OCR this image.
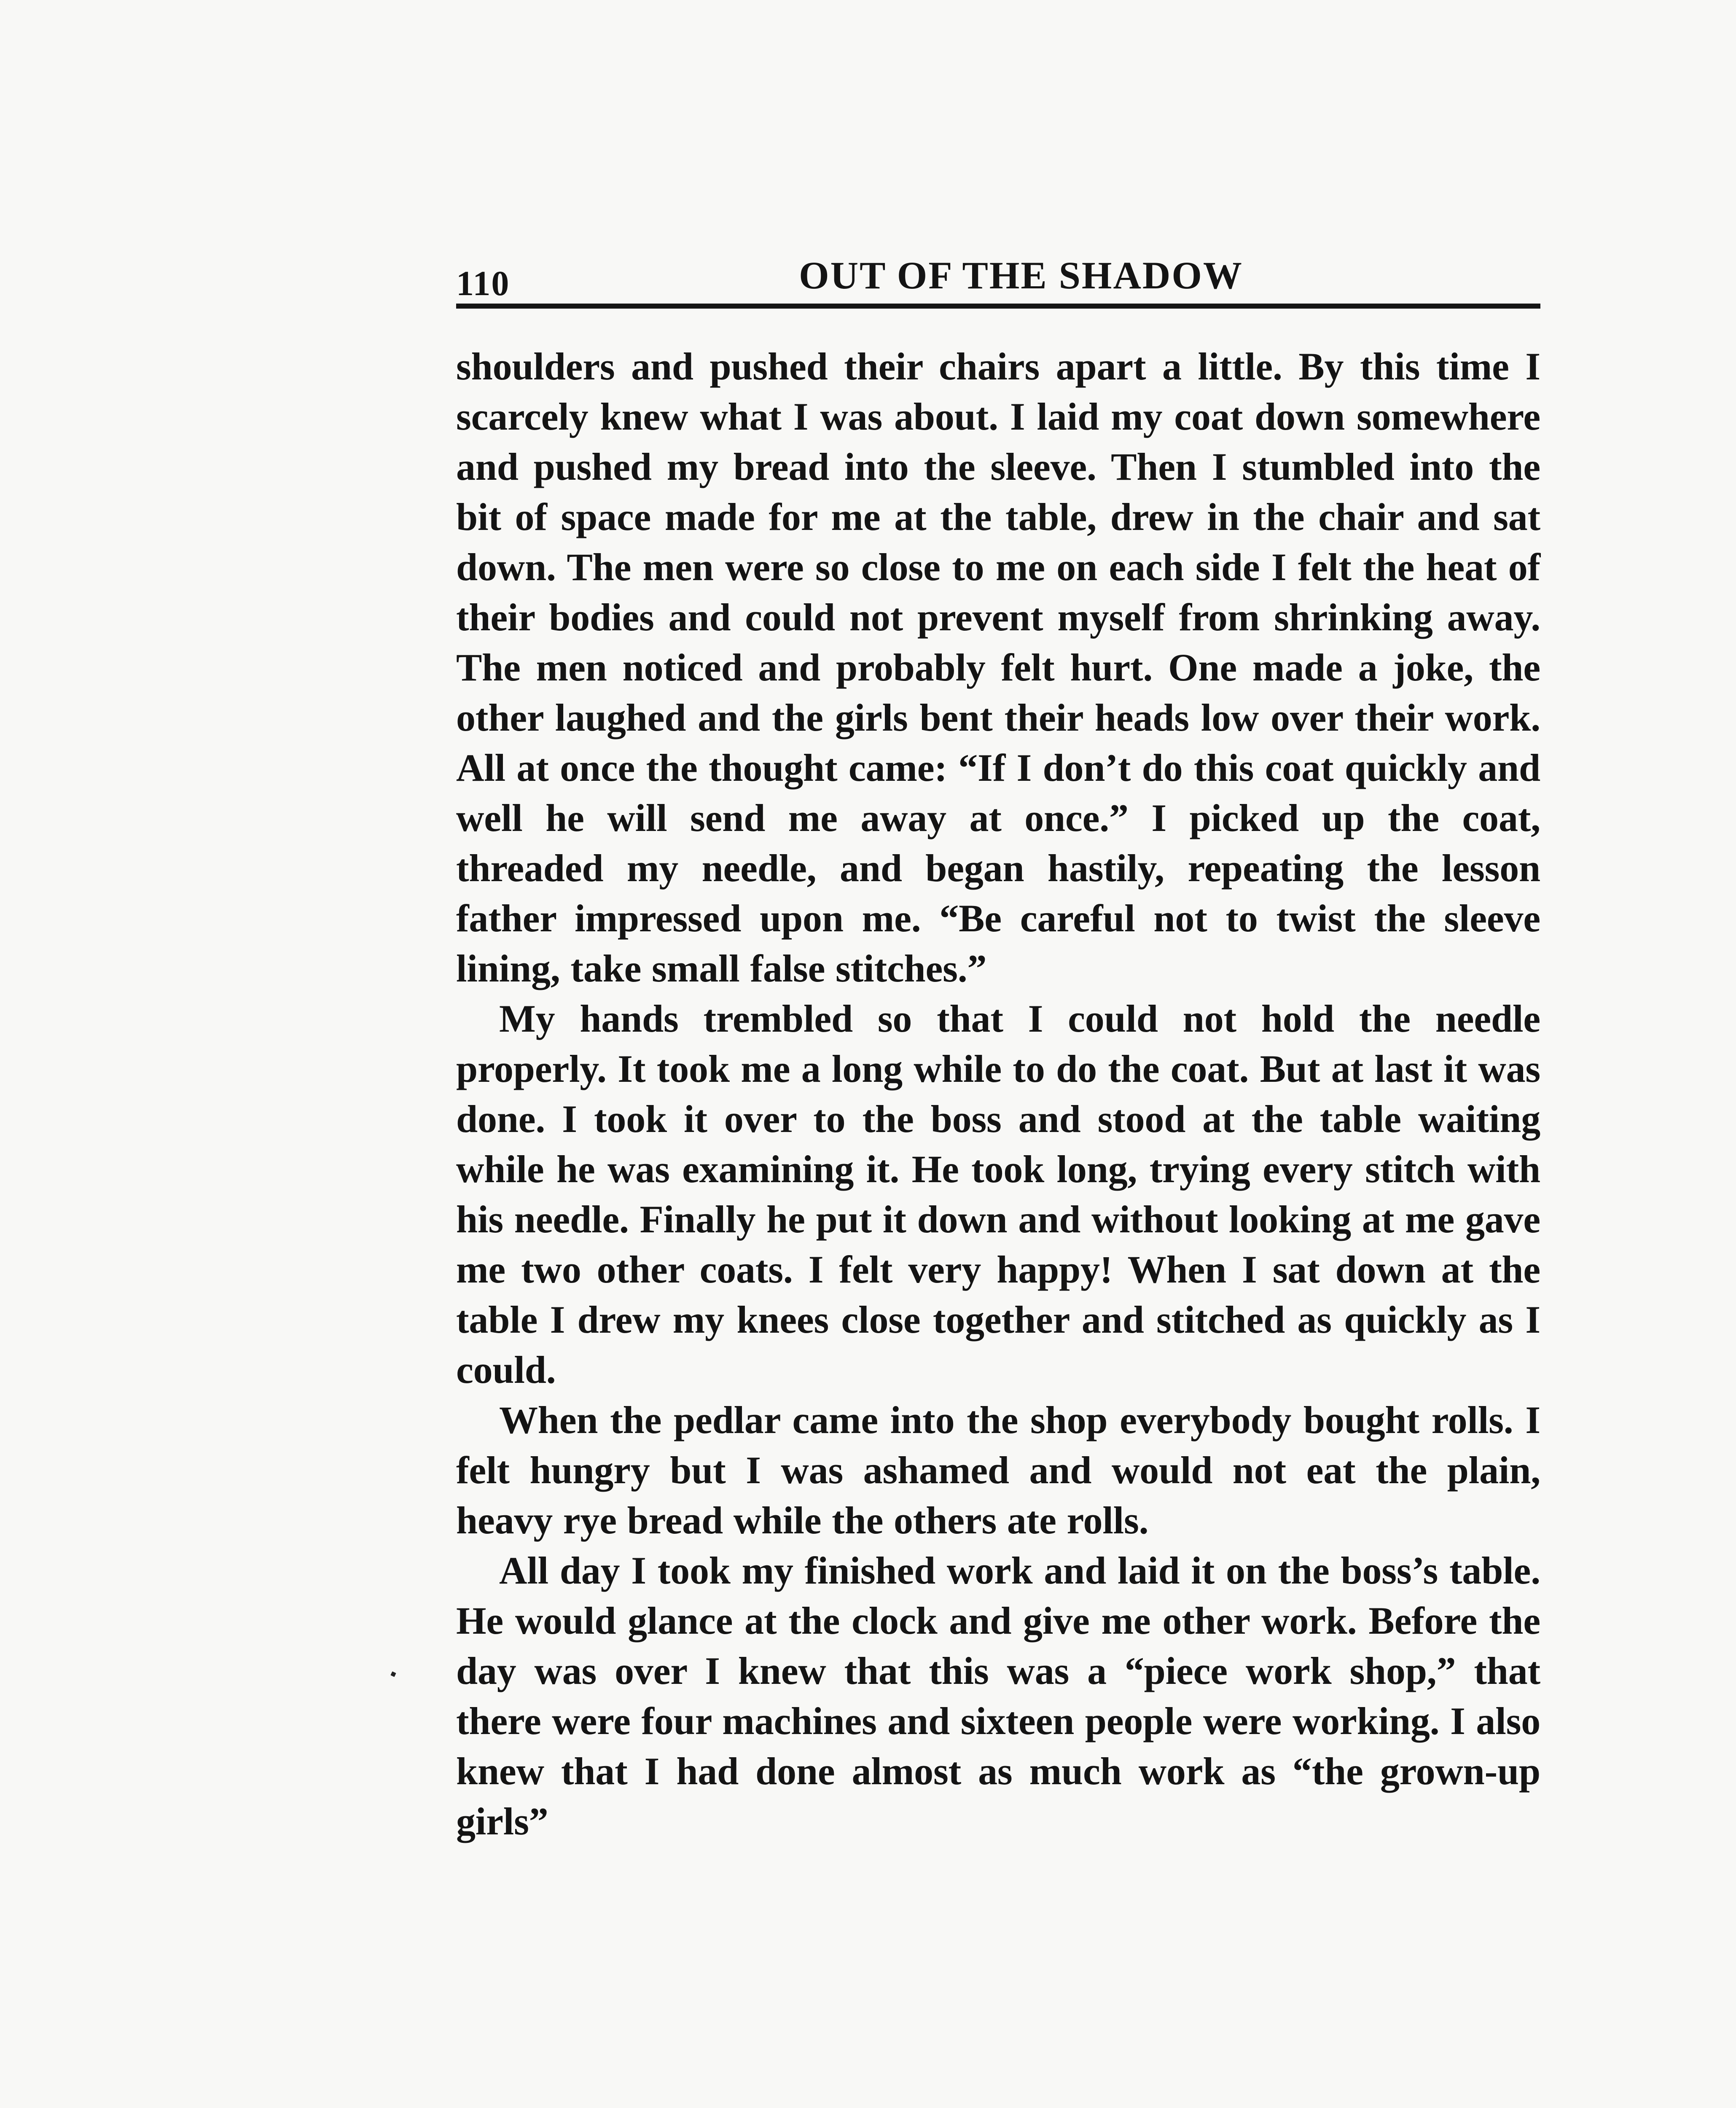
110	OUT OF THE SHADOW

shoulders and pushed their chairs apart a little. By this time I scarcely knew what I was about. I laid my coat down somewhere and pushed my bread into the sleeve. Then I stumbled into the bit of space made for me at the table, drew in the chair and sat down. The men were so close to me on each side I felt the heat of their bodies and could not prevent myself from shrinking away. The men noticed and probably felt hurt. One made a joke, the other laughed and the girls bent their heads low over their work. All at once the thought came: “If I don’t do this coat quickly and well he will send me away at once.” I picked up the coat, threaded my needle, and began hastily, repeating the lesson father impressed upon me. “Be careful not to twist the sleeve lining, take small false stitches.”

My hands trembled so that I could not hold the needle properly. It took me a long while to do the coat. But at last it was done. I took it over to the boss and stood at the table waiting while he was examining it. He took long, trying every stitch with his needle. Finally he put it down and without looking at me gave me two other coats. I felt very happy! When I sat down at the table I drew my knees close together and stitched as quickly as I could.

When the pedlar came into the shop everybody bought rolls. I felt hungry but I was ashamed and would not eat the plain, heavy rye bread while the others ate rolls.

All day I took my finished work and laid it on the boss’s table. He would glance at the clock and give me other work. Before the day was over I knew that this was a “piece work shop,” that there were four machines and sixteen people were working. I also knew that I had done almost as much work as “the grown-up girls”
